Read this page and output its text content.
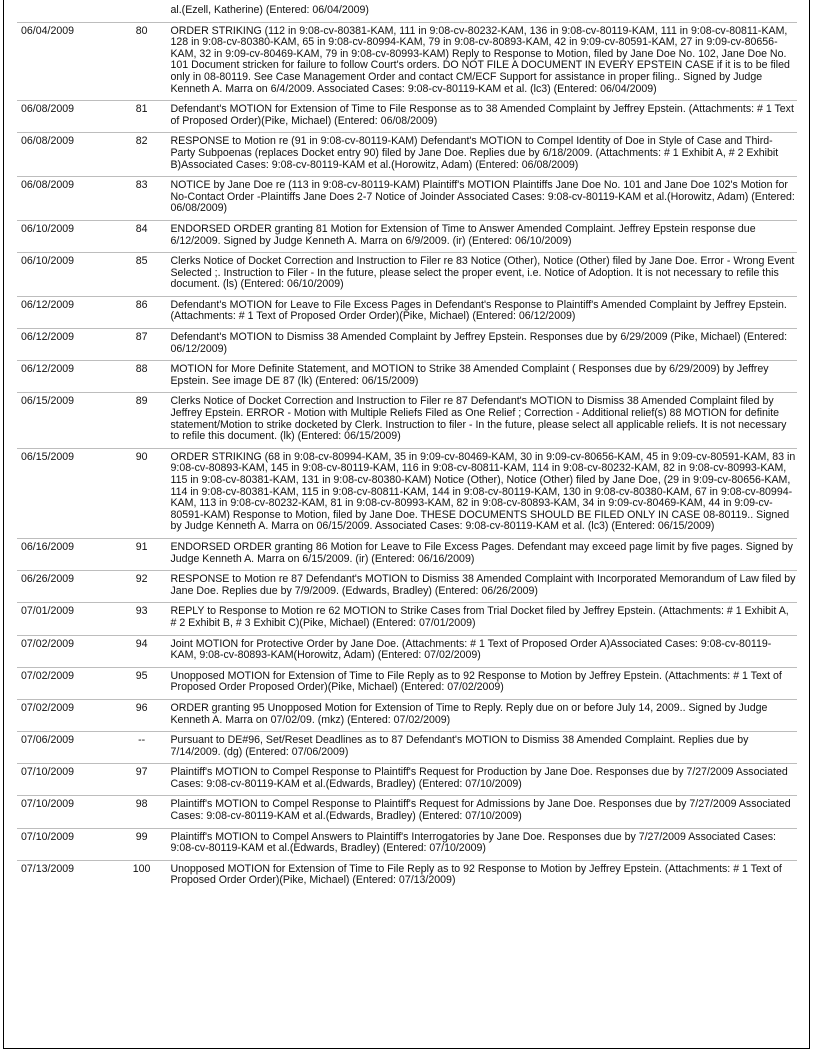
		al.(Ezell, Katherine) (Entered: 06/04/2009)
06/04/2009	80	ORDER STRIKING (112 in 9:08-cv-80381-KAM, 111 in 9:08-cv-80232-KAM, 136 in 9:08-cv-80119-KAM, 111 in 9:08-cv-80811-KAM, 128 in 9:08-cv-80380-KAM, 65 in 9:08-cv-80994-KAM, 79 in 9:08-cv-80893-KAM, 42 in 9:09-cv-80591-KAM, 27 in 9:09-cv-80656-KAM, 32 in 9:09-cv-80469-KAM, 79 in 9:08-cv-80993-KAM) Reply to Response to Motion, filed by Jane Doe No. 102, Jane Doe No. 101 Document stricken for failure to follow Court's orders. DO NOT FILE A DOCUMENT IN EVERY EPSTEIN CASE if it is to be filed only in 08-80119. See Case Management Order and contact CM/ECF Support for assistance in proper filing.. Signed by Judge Kenneth A. Marra on 6/4/2009. Associated Cases: 9:08-cv-80119-KAM et al. (lc3) (Entered: 06/04/2009)
06/08/2009	81	Defendant's MOTION for Extension of Time to File Response as to 38 Amended Complaint by Jeffrey Epstein. (Attachments: # 1 Text of Proposed Order)(Pike, Michael) (Entered: 06/08/2009)
06/08/2009	82	RESPONSE to Motion re (91 in 9:08-cv-80119-KAM) Defendant's MOTION to Compel Identity of Doe in Style of Case and Third-Party Subpoenas (replaces Docket entry 90) filed by Jane Doe. Replies due by 6/18/2009. (Attachments: # 1 Exhibit A, # 2 Exhibit B)Associated Cases: 9:08-cv-80119-KAM et al.(Horowitz, Adam) (Entered: 06/08/2009)
06/08/2009	83	NOTICE by Jane Doe re (113 in 9:08-cv-80119-KAM) Plaintiff's MOTION Plaintiffs Jane Doe No. 101 and Jane Doe 102's Motion for No-Contact Order -Plaintiffs Jane Does 2-7 Notice of Joinder Associated Cases: 9:08-cv-80119-KAM et al.(Horowitz, Adam) (Entered: 06/08/2009)
06/10/2009	84	ENDORSED ORDER granting 81 Motion for Extension of Time to Answer Amended Complaint. Jeffrey Epstein response due 6/12/2009. Signed by Judge Kenneth A. Marra on 6/9/2009. (ir) (Entered: 06/10/2009)
06/10/2009	85	Clerks Notice of Docket Correction and Instruction to Filer re 83 Notice (Other), Notice (Other) filed by Jane Doe. Error - Wrong Event Selected ;. Instruction to Filer - In the future, please select the proper event, i.e. Notice of Adoption. It is not necessary to refile this document. (ls) (Entered: 06/10/2009)
06/12/2009	86	Defendant's MOTION for Leave to File Excess Pages in Defendant's Response to Plaintiff's Amended Complaint by Jeffrey Epstein. (Attachments: # 1 Text of Proposed Order Order)(Pike, Michael) (Entered: 06/12/2009)
06/12/2009	87	Defendant's MOTION to Dismiss 38 Amended Complaint by Jeffrey Epstein. Responses due by 6/29/2009 (Pike, Michael) (Entered: 06/12/2009)
06/12/2009	88	MOTION for More Definite Statement, and MOTION to Strike 38 Amended Complaint ( Responses due by 6/29/2009) by Jeffrey Epstein. See image DE 87 (lk) (Entered: 06/15/2009)
06/15/2009	89	Clerks Notice of Docket Correction and Instruction to Filer re 87 Defendant's MOTION to Dismiss 38 Amended Complaint filed by Jeffrey Epstein. ERROR - Motion with Multiple Reliefs Filed as One Relief ; Correction - Additional relief(s) 88 MOTION for definite statement/Motion to strike docketed by Clerk. Instruction to filer - In the future, please select all applicable reliefs. It is not necessary to refile this document. (lk) (Entered: 06/15/2009)
06/15/2009	90	ORDER STRIKING (68 in 9:08-cv-80994-KAM, 35 in 9:09-cv-80469-KAM, 30 in 9:09-cv-80656-KAM, 45 in 9:09-cv-80591-KAM, 83 in 9:08-cv-80893-KAM, 145 in 9:08-cv-80119-KAM, 116 in 9:08-cv-80811-KAM, 114 in 9:08-cv-80232-KAM, 82 in 9:08-cv-80993-KAM, 115 in 9:08-cv-80381-KAM, 131 in 9:08-cv-80380-KAM) Notice (Other), Notice (Other) filed by Jane Doe, (29 in 9:09-cv-80656-KAM, 114 in 9:08-cv-80381-KAM, 115 in 9:08-cv-80811-KAM, 144 in 9:08-cv-80119-KAM, 130 in 9:08-cv-80380-KAM, 67 in 9:08-cv-80994-KAM, 113 in 9:08-cv-80232-KAM, 81 in 9:08-cv-80993-KAM, 82 in 9:08-cv-80893-KAM, 34 in 9:09-cv-80469-KAM, 44 in 9:09-cv-80591-KAM) Response to Motion, filed by Jane Doe. THESE DOCUMENTS SHOULD BE FILED ONLY IN CASE 08-80119.. Signed by Judge Kenneth A. Marra on 06/15/2009. Associated Cases: 9:08-cv-80119-KAM et al. (lc3) (Entered: 06/15/2009)
06/16/2009	91	ENDORSED ORDER granting 86 Motion for Leave to File Excess Pages. Defendant may exceed page limit by five pages. Signed by Judge Kenneth A. Marra on 6/15/2009. (ir) (Entered: 06/16/2009)
06/26/2009	92	RESPONSE to Motion re 87 Defendant's MOTION to Dismiss 38 Amended Complaint with Incorporated Memorandum of Law filed by Jane Doe. Replies due by 7/9/2009. (Edwards, Bradley) (Entered: 06/26/2009)
07/01/2009	93	REPLY to Response to Motion re 62 MOTION to Strike Cases from Trial Docket filed by Jeffrey Epstein. (Attachments: # 1 Exhibit A, # 2 Exhibit B, # 3 Exhibit C)(Pike, Michael) (Entered: 07/01/2009)
07/02/2009	94	Joint MOTION for Protective Order by Jane Doe. (Attachments: # 1 Text of Proposed Order A)Associated Cases: 9:08-cv-80119-KAM, 9:08-cv-80893-KAM(Horowitz, Adam) (Entered: 07/02/2009)
07/02/2009	95	Unopposed MOTION for Extension of Time to File Reply as to 92 Response to Motion by Jeffrey Epstein. (Attachments: # 1 Text of Proposed Order Proposed Order)(Pike, Michael) (Entered: 07/02/2009)
07/02/2009	96	ORDER granting 95 Unopposed Motion for Extension of Time to Reply. Reply due on or before July 14, 2009.. Signed by Judge Kenneth A. Marra on 07/02/09. (mkz) (Entered: 07/02/2009)
07/06/2009	--	Pursuant to DE#96, Set/Reset Deadlines as to 87 Defendant's MOTION to Dismiss 38 Amended Complaint. Replies due by 7/14/2009. (dg) (Entered: 07/06/2009)
07/10/2009	97	Plaintiff's MOTION to Compel Response to Plaintiff's Request for Production by Jane Doe. Responses due by 7/27/2009 Associated Cases: 9:08-cv-80119-KAM et al.(Edwards, Bradley) (Entered: 07/10/2009)
07/10/2009	98	Plaintiff's MOTION to Compel Response to Plaintiff's Request for Admissions by Jane Doe. Responses due by 7/27/2009 Associated Cases: 9:08-cv-80119-KAM et al.(Edwards, Bradley) (Entered: 07/10/2009)
07/10/2009	99	Plaintiff's MOTION to Compel Answers to Plaintiff's Interrogatories by Jane Doe. Responses due by 7/27/2009 Associated Cases: 9:08-cv-80119-KAM et al.(Edwards, Bradley) (Entered: 07/10/2009)
07/13/2009	100	Unopposed MOTION for Extension of Time to File Reply as to 92 Response to Motion by Jeffrey Epstein. (Attachments: # 1 Text of Proposed Order Order)(Pike, Michael) (Entered: 07/13/2009)
